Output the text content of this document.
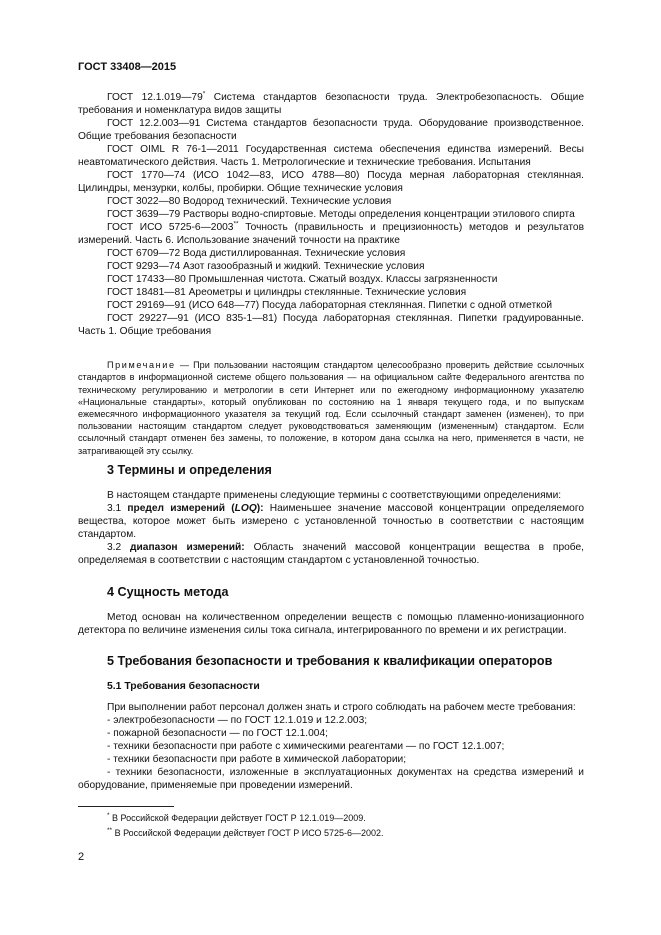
ГОСТ 33408—2015

ГОСТ 12.1.019—79* Система стандартов безопасности труда. Электробезопасность. Общие требования и номенклатура видов защиты

ГОСТ 12.2.003—91 Система стандартов безопасности труда. Оборудование производственное. Общие требования безопасности

ГОСТ OIML R 76-1—2011 Государственная система обеспечения единства измерений. Весы неавтоматического действия. Часть 1. Метрологические и технические требования. Испытания

ГОСТ 1770—74 (ИСО 1042—83, ИСО 4788—80) Посуда мерная лабораторная стеклянная. Цилиндры, мензурки, колбы, пробирки. Общие технические условия

ГОСТ 3022—80 Водород технический. Технические условия

ГОСТ 3639—79 Растворы водно-спиртовые. Методы определения концентрации этилового спирта

ГОСТ ИСО 5725-6—2003** Точность (правильность и прецизионность) методов и результатов измерений. Часть 6. Использование значений точности на практике

ГОСТ 6709—72 Вода дистиллированная. Технические условия

ГОСТ 9293—74 Азот газообразный и жидкий. Технические условия

ГОСТ 17433—80 Промышленная чистота. Сжатый воздух. Классы загрязненности

ГОСТ 18481—81 Ареометры и цилиндры стеклянные. Технические условия

ГОСТ 29169—91 (ИСО 648—77) Посуда лабораторная стеклянная. Пипетки с одной отметкой

ГОСТ 29227—91 (ИСО 835-1—81) Посуда лабораторная стеклянная. Пипетки градуированные. Часть 1. Общие требования

Примечание — При пользовании настоящим стандартом целесообразно проверить действие ссылочных стандартов в информационной системе общего пользования — на официальном сайте Федерального агентства по техническому регулированию и метрологии в сети Интернет или по ежегодному информационному указателю «Национальные стандарты», который опубликован по состоянию на 1 января текущего года, и по выпускам ежемесячного информационного указателя за текущий год. Если ссылочный стандарт заменен (изменен), то при пользовании настоящим стандартом следует руководствоваться заменяющим (измененным) стандартом. Если ссылочный стандарт отменен без замены, то положение, в котором дана ссылка на него, применяется в части, не затрагивающей эту ссылку.

3 Термины и определения

В настоящем стандарте применены следующие термины с соответствующими определениями:

3.1 предел измерений (LOQ): Наименьшее значение массовой концентрации определяемого вещества, которое может быть измерено с установленной точностью в соответствии с настоящим стандартом.

3.2 диапазон измерений: Область значений массовой концентрации вещества в пробе, определяемая в соответствии с настоящим стандартом с установленной точностью.

4 Сущность метода

Метод основан на количественном определении веществ с помощью пламенно-ионизационного детектора по величине изменения силы тока сигнала, интегрированного по времени и их регистрации.

5 Требования безопасности и требования к квалификации операторов
5.1 Требования безопасности

При выполнении работ персонал должен знать и строго соблюдать на рабочем месте требования:

- электробезопасности — по ГОСТ 12.1.019 и 12.2.003;

- пожарной безопасности — по ГОСТ 12.1.004;

- техники безопасности при работе с химическими реагентами — по ГОСТ 12.1.007;

- техники безопасности при работе в химической лаборатории;

- техники безопасности, изложенные в эксплуатационных документах на средства измерений и оборудование, применяемые при проведении измерений.

* В Российской Федерации действует ГОСТ Р 12.1.019—2009.
** В Российской Федерации действует ГОСТ Р ИСО 5725-6—2002.
2
